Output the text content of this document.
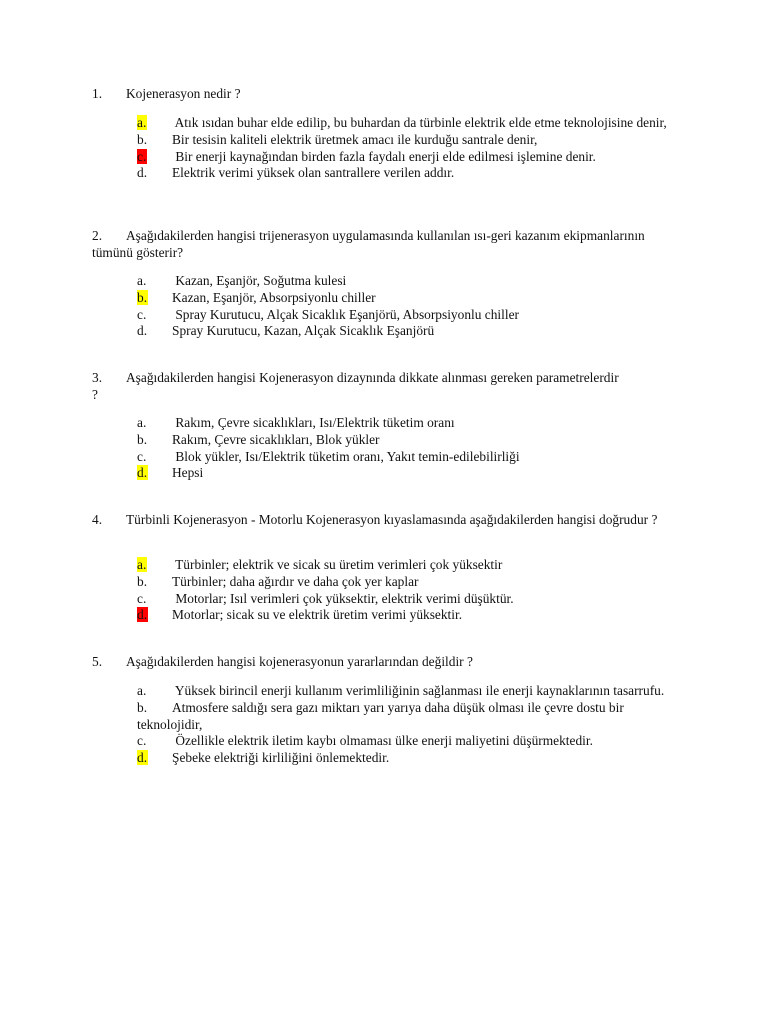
1. Kojenerasyon nedir ?
a. Atık ısıdan buhar elde edilip, bu buhardan da türbinle elektrik elde etme teknolojisine denir,
b. Bir tesisin kaliteli elektrik üretmek amacı ile kurduğu santrale denir,
c. Bir enerji kaynağından birden fazla faydalı enerji elde edilmesi işlemine denir.
d. Elektrik verimi yüksek olan santrallere verilen addır.
2. Aşağıdakilerden hangisi trijenerasyon uygulamasında kullanılan ısı-geri kazanım ekipmanlarının tümünü gösterir?
a. Kazan, Eşanjör, Soğutma kulesi
b. Kazan, Eşanjör, Absorpsiyonlu chiller
c. Spray Kurutucu, Alçak Sicaklık Eşanjörü, Absorpsiyonlu chiller
d. Spray Kurutucu, Kazan, Alçak Sicaklık Eşanjörü
3. Aşağıdakilerden hangisi Kojenerasyon dizaynında dikkate alınması gereken parametrelerdir ?
a. Rakım, Çevre sicaklıkları, Isı/Elektrik tüketim oranı
b. Rakım, Çevre sicaklıkları, Blok yükler
c. Blok yükler, Isı/Elektrik tüketim oranı, Yakıt temin-edilebilirliği
d. Hepsi
4. Türbinli Kojenerasyon - Motorlu Kojenerasyon kıyaslamasında aşağıdakilerden hangisi doğrudur ?
a. Türbinler; elektrik ve sicak su üretim verimleri çok yüksektir
b. Türbinler; daha ağırdır ve daha çok yer kaplar
c. Motorlar; Isıl verimleri çok yüksektir, elektrik verimi düşüktür.
d. Motorlar; sicak su ve elektrik üretim verimi yüksektir.
5. Aşağıdakilerden hangisi kojenerasyonun yararlarından değildir ?
a. Yüksek birincil enerji kullanım verimliliğinin sağlanması ile enerji kaynaklarının tasarrufu.
b. Atmosfere saldığı sera gazı miktarı yarı yarıya daha düşük olması ile çevre dostu bir     teknolojidir,
c. Özellikle elektrik iletim kaybı olmaması ülke enerji maliyetini düşürmektedir.
d. Şebeke elektriği kirliliğini önlemektedir.
